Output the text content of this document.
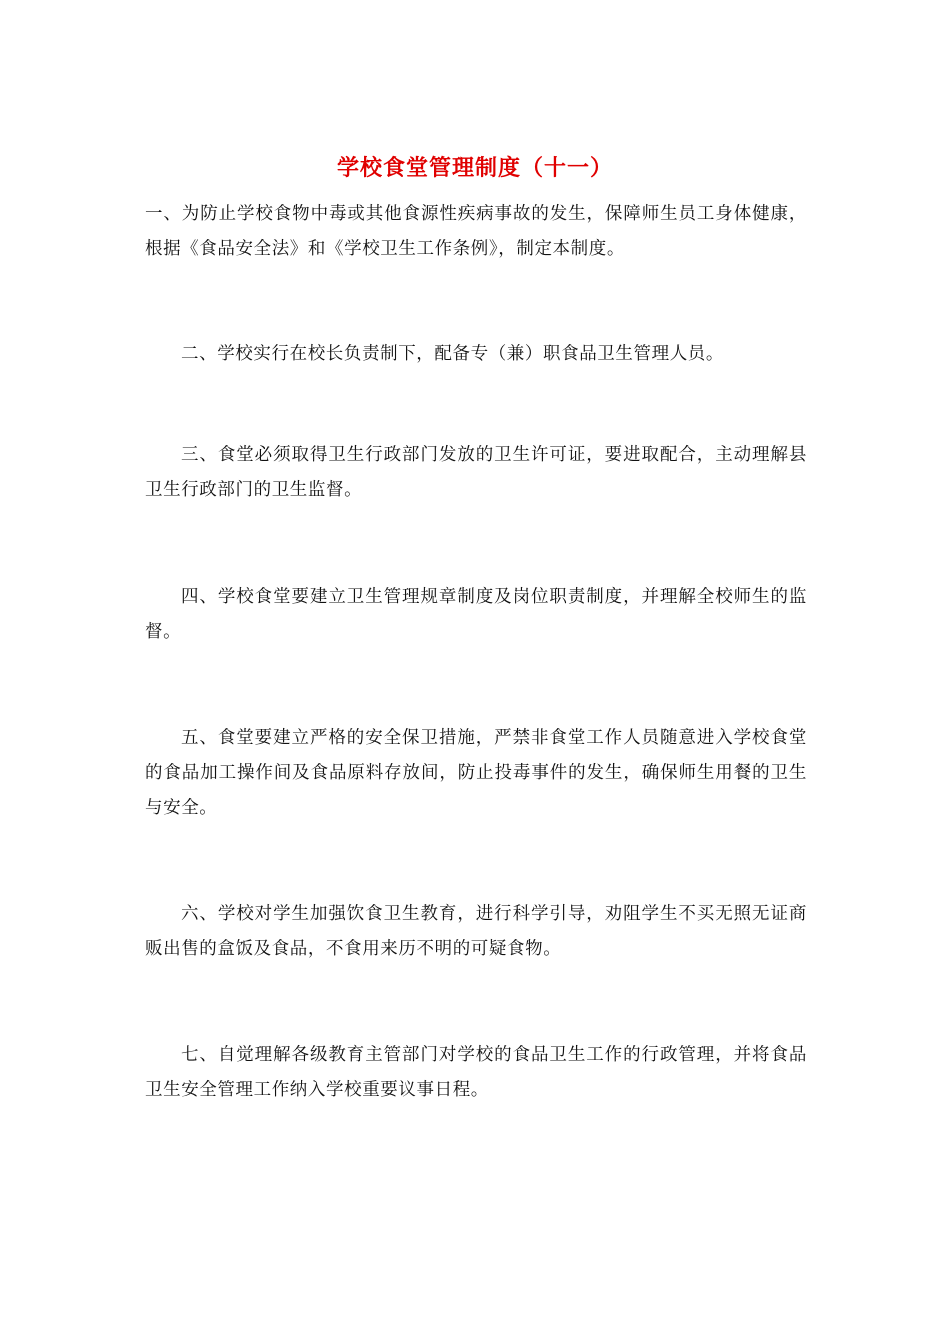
学校食堂管理制度（十一）

一、为防止学校食物中毒或其他食源性疾病事故的发生，保障师生员工身体健康，根据《食品安全法》和《学校卫生工作条例》，制定本制度。

二、学校实行在校长负责制下，配备专（兼）职食品卫生管理人员。

三、食堂必须取得卫生行政部门发放的卫生许可证，要进取配合，主动理解县卫生行政部门的卫生监督。

四、学校食堂要建立卫生管理规章制度及岗位职责制度，并理解全校师生的监督。

五、食堂要建立严格的安全保卫措施，严禁非食堂工作人员随意进入学校食堂的食品加工操作间及食品原料存放间，防止投毒事件的发生，确保师生用餐的卫生与安全。

六、学校对学生加强饮食卫生教育，进行科学引导，劝阻学生不买无照无证商贩出售的盒饭及食品，不食用来历不明的可疑食物。

七、自觉理解各级教育主管部门对学校的食品卫生工作的行政管理，并将食品卫生安全管理工作纳入学校重要议事日程。
